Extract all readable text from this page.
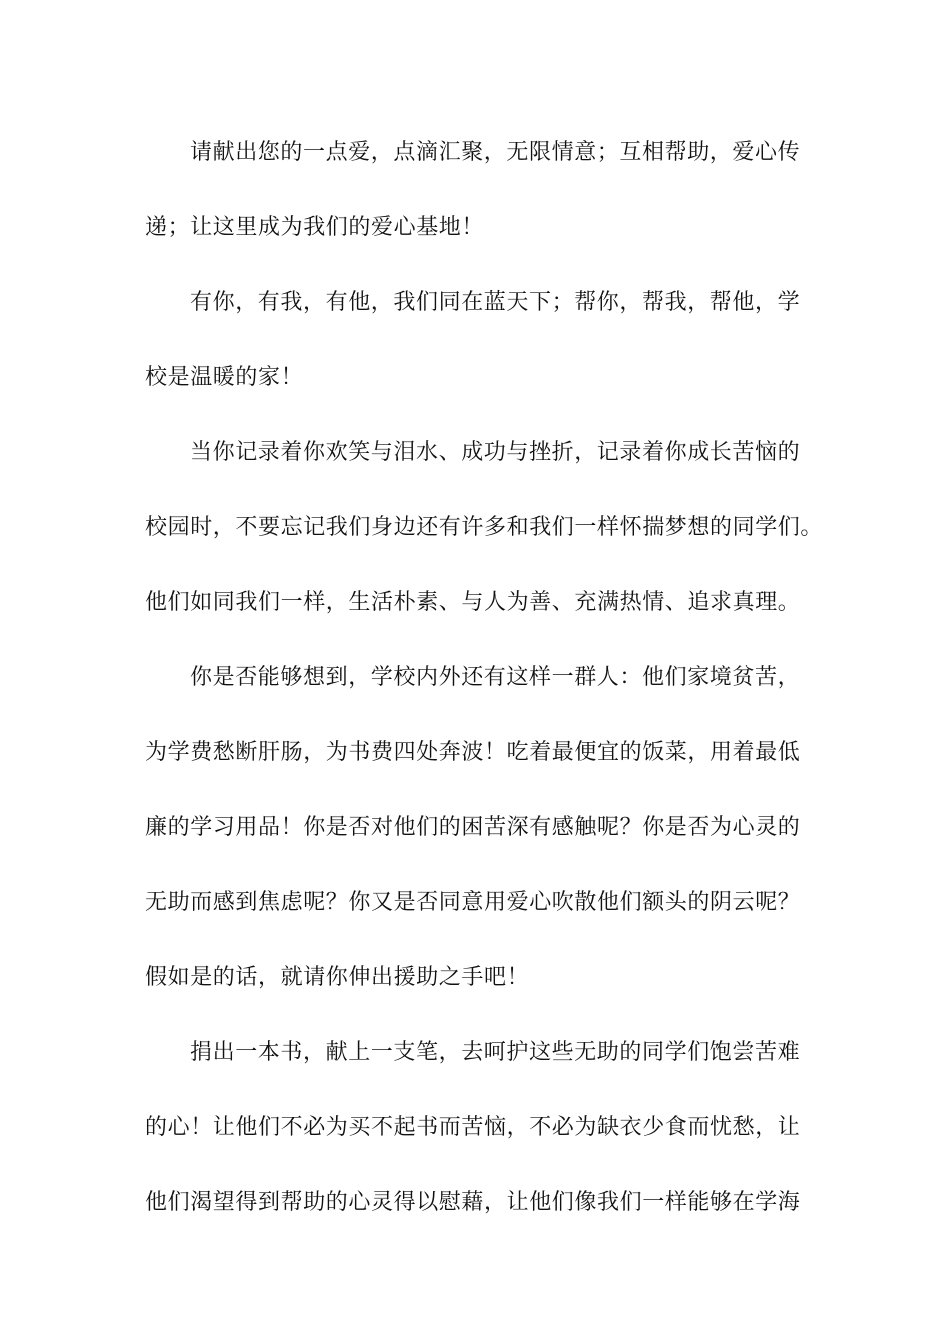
请献出您的一点爱，点滴汇聚，无限情意；互相帮助，爱心传
递；让这里成为我们的爱心基地！
有你，有我，有他，我们同在蓝天下；帮你，帮我，帮他，学
校是温暖的家！
当你记录着你欢笑与泪水、成功与挫折，记录着你成长苦恼的
校园时，不要忘记我们身边还有许多和我们一样怀揣梦想的同学们。
他们如同我们一样，生活朴素、与人为善、充满热情、追求真理。
你是否能够想到，学校内外还有这样一群人：他们家境贫苦，
为学费愁断肝肠，为书费四处奔波！吃着最便宜的饭菜，用着最低
廉的学习用品！你是否对他们的困苦深有感触呢？你是否为心灵的
无助而感到焦虑呢？你又是否同意用爱心吹散他们额头的阴云呢？
假如是的话，就请你伸出援助之手吧！
捐出一本书，献上一支笔，去呵护这些无助的同学们饱尝苦难
的心！让他们不必为买不起书而苦恼，不必为缺衣少食而忧愁，让
他们渴望得到帮助的心灵得以慰藉，让他们像我们一样能够在学海
